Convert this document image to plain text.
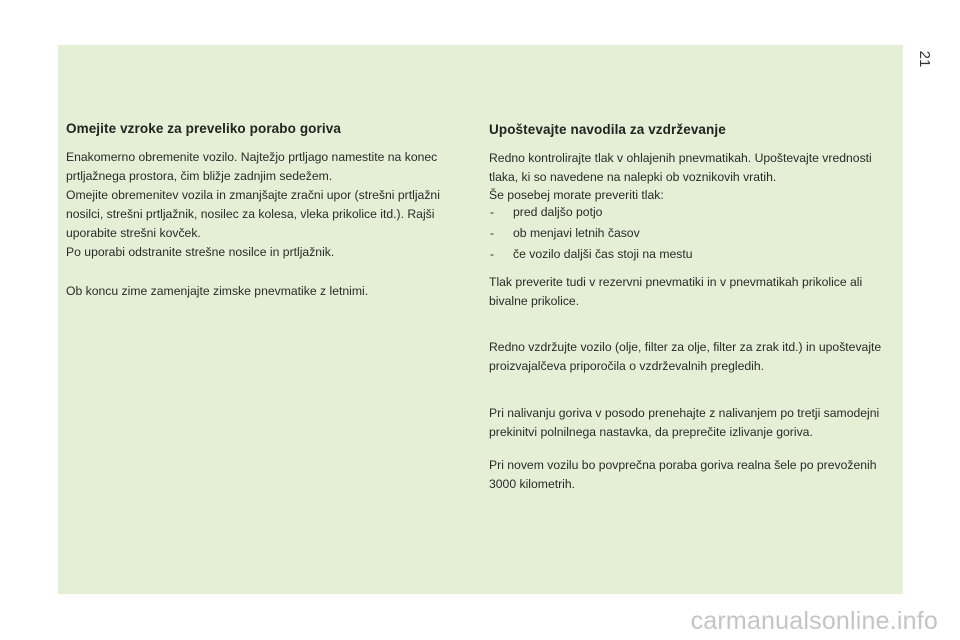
21
Omejite vzroke za preveliko porabo goriva

Enakomerno obremenite vozilo. Najtežjo prtljago namestite na konec prtljažnega prostora, čim bližje zadnjim sedežem.

Omejite obremenitev vozila in zmanjšajte zračni upor (strešni prtljažni nosilci, strešni prtljažnik, nosilec za kolesa, vleka prikolice itd.). Rajši uporabite strešni kovček.

Po uporabi odstranite strešne nosilce in prtljažnik.

Ob koncu zime zamenjajte zimske pnevmatike z letnimi.

Upoštevajte navodila za vzdrževanje

Redno kontrolirajte tlak v ohlajenih pnevmatikah. Upoštevajte vrednosti tlaka, ki so navedene na nalepki ob voznikovih vratih.

Še posebej morate preveriti tlak:

- pred daljšo potjo
- ob menjavi letnih časov
- če vozilo daljši čas stoji na mestu

Tlak preverite tudi v rezervni pnevmatiki in v pnevmatikah prikolice ali bivalne prikolice.

Redno vzdržujte vozilo (olje, filter za olje, filter za zrak itd.) in upoštevajte proizvajalčeva priporočila o vzdrževalnih pregledih.

Pri nalivanju goriva v posodo prenehajte z nalivanjem po tretji samodejni prekinitvi polnilnega nastavka, da preprečite izlivanje goriva.

Pri novem vozilu bo povprečna poraba goriva realna šele po prevoženih 3000 kilometrih.

carmanualsonline.info
